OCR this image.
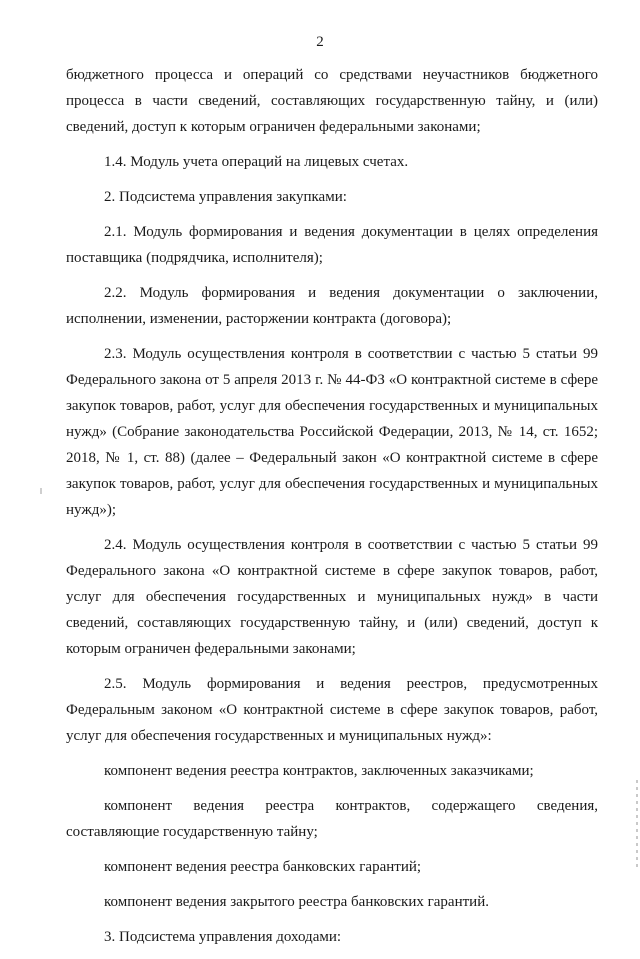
2

бюджетного процесса и операций со средствами неучастников бюджетного процесса в части сведений, составляющих государственную тайну, и (или) сведений, доступ к которым ограничен федеральными законами;

1.4. Модуль учета операций на лицевых счетах.

2. Подсистема управления закупками:

2.1. Модуль формирования и ведения документации в целях определения поставщика (подрядчика, исполнителя);

2.2. Модуль формирования и ведения документации о заключении, исполнении, изменении, расторжении контракта (договора);

2.3. Модуль осуществления контроля в соответствии с частью 5 статьи 99 Федерального закона от 5 апреля 2013 г. № 44-ФЗ «О контрактной системе в сфере закупок товаров, работ, услуг для обеспечения государственных и муниципальных нужд» (Собрание законодательства Российской Федерации, 2013, № 14, ст. 1652; 2018, № 1, ст. 88) (далее – Федеральный закон «О контрактной системе в сфере закупок товаров, работ, услуг для обеспечения государственных и муниципальных нужд»);

2.4. Модуль осуществления контроля в соответствии с частью 5 статьи 99 Федерального закона «О контрактной системе в сфере закупок товаров, работ, услуг для обеспечения государственных и муниципальных нужд» в части сведений, составляющих государственную тайну, и (или) сведений, доступ к которым ограничен федеральными законами;

2.5. Модуль формирования и ведения реестров, предусмотренных Федеральным законом «О контрактной системе в сфере закупок товаров, работ, услуг для обеспечения государственных и муниципальных нужд»:

компонент ведения реестра контрактов, заключенных заказчиками;

компонент ведения реестра контрактов, содержащего сведения, составляющие государственную тайну;

компонент ведения реестра банковских гарантий;

компонент ведения закрытого реестра банковских гарантий.

3. Подсистема управления доходами:
